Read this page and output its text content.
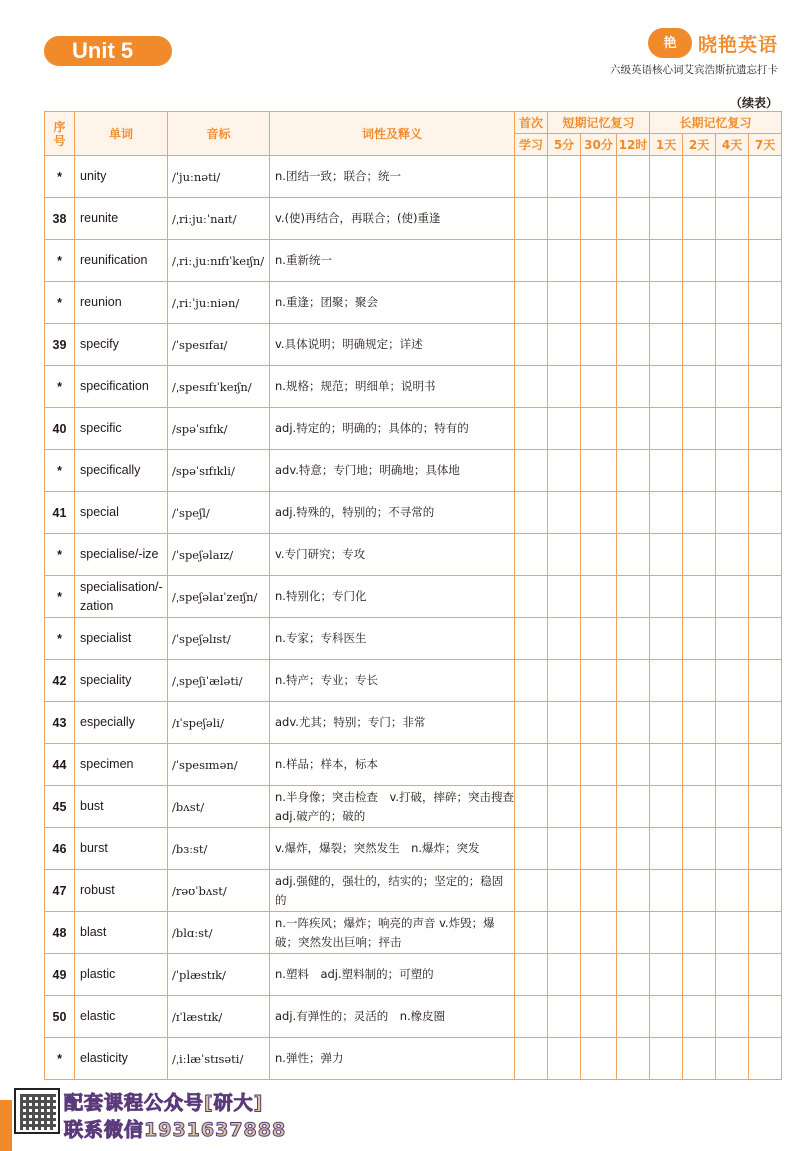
Unit 5	艳	晓艳英语
六级英语核心词艾宾浩斯抗遗忘打卡
（续表）
序号	单词	音标	词性及释义	首次	短期记忆复习			长期记忆复习			
				学习	5分	30分	12时	1天	2天	4天	7天
*	unity	/ˈjuːnəti/	n.团结一致；联合；统一								
38	reunite	/ˌriːjuːˈnaɪt/	v.(使)再结合，再联合；(使)重逢								
*	reunification	/ˌriːˌjuːnɪfɪˈkeɪʃn/	n.重新统一								
*	reunion	/ˌriːˈjuːniən/	n.重逢；团聚；聚会								
39	specify	/ˈspesɪfaɪ/	v.具体说明；明确规定；详述								
*	specification	/ˌspesɪfɪˈkeɪʃn/	n.规格；规范；明细单；说明书								
40	specific	/spəˈsɪfɪk/	adj.特定的；明确的；具体的；特有的								
*	specifically	/spəˈsɪfɪkli/	adv.特意；专门地；明确地；具体地								
41	special	/ˈspeʃl/	adj.特殊的，特别的；不寻常的								
*	specialise/-ize	/ˈspeʃəlaɪz/	v.专门研究；专攻								
*	specialisation/-zation	/ˌspeʃəlaɪˈzeɪʃn/	n.特别化；专门化								
*	specialist	/ˈspeʃəlɪst/	n.专家；专科医生								
42	speciality	/ˌspeʃiˈæləti/	n.特产；专业；专长								
43	especially	/ɪˈspeʃəli/	adv.尤其；特别；专门；非常								
44	specimen	/ˈspesɪmən/	n.样品；样本，标本								
45	bust	/bʌst/	n.半身像；突击检查　v.打破，摔碎；突击搜查　adj.破产的；破的								
46	burst	/bɜːst/	v.爆炸，爆裂；突然发生　n.爆炸；突发								
47	robust	/rəʊˈbʌst/	adj.强健的，强壮的，结实的；坚定的；稳固的								
48	blast	/blɑːst/	n.一阵疾风；爆炸；响亮的声音 v.炸毁；爆破；突然发出巨响；抨击								
49	plastic	/ˈplæstɪk/	n.塑料　adj.塑料制的；可塑的								
50	elastic	/ɪˈlæstɪk/	adj.有弹性的；灵活的　n.橡皮圈								
*	elasticity	/ˌiːlæˈstɪsəti/	n.弹性；弹力								
配套课程公众号[研大]
联系微信1931637888
